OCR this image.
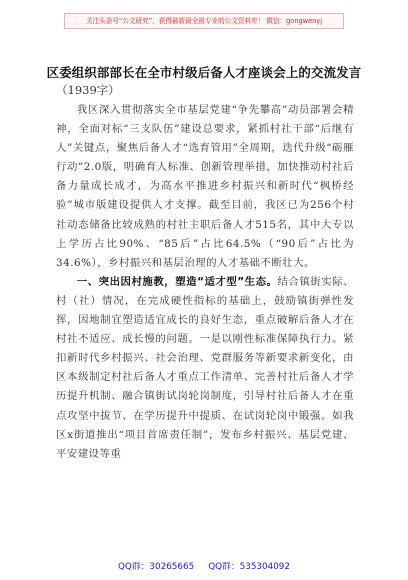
关注头条号“公文研究”，获得最新最全最专业的公文资料库！ 微信：gongwenyj
区委组织部部长在全市村级后备人才座谈会上的交流发言
（1939字）

我区深入贯彻落实全市基层党建“争先攀高”动员部署会精神，全面对标“三支队伍”建设总要求，紧抓村社干部“后继有人”关键点，聚焦后备人才“选育管用”全周期，迭代升级“砺雁行动”2.0版，明确育人标准、创新管理举措，加快推动村社后备力量成长成才，为高水平推进乡村振兴和新时代“枫桥经验”城市版建设提供人才支撑。截至目前，我区已为256个村社动态储备比较成熟的村社主职后备人才515名，其中大专以上学历占比90%、“85后”占比64.5%（“90后”占比为34.6%），乡村振兴和基层治理的人才基础不断壮大。

一、突出因村施教，塑造“适才型”生态。结合镇街实际、村（社）情况，在完成硬性指标的基础上，鼓励镇街弹性发挥，因地制宜塑造适宜成长的良好生态，重点破解后备人才在村社不适应、成长慢的问题。一是以刚性标准保障执行力。紧扣新时代乡村振兴、社会治理、党群服务等新要求新变化，由区本级制定村社后备人才重点工作清单、完善村社后备人才学历提升机制、融合镇街试岗轮岗制度，引导村社后备人才在重点攻坚中拔节、在学历提升中提质、在试岗轮岗中锻强。如我区x街道推出“项目首席责任制”，发布乡村振兴、基层党建、平安建设等重

QQ群：30265665 QQ群：535304092
